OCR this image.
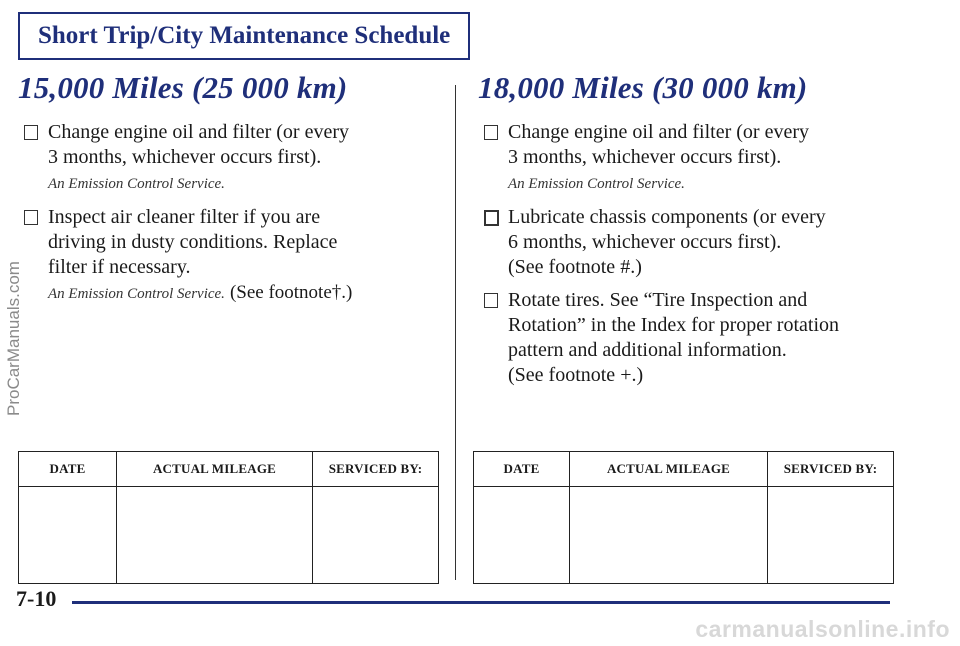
Short Trip/City Maintenance Schedule
15,000 Miles (25 000 km)
Change engine oil and filter (or every
3 months, whichever occurs first).
An Emission Control Service.
Inspect air cleaner filter if you are
driving in dusty conditions. Replace
filter if necessary.
An Emission Control Service. (See footnote†.)
18,000 Miles (30 000 km)
Change engine oil and filter (or every
3 months, whichever occurs first).
An Emission Control Service.
Lubricate chassis components (or every
6 months, whichever occurs first).
(See footnote #.)
Rotate tires. See “Tire Inspection and
Rotation” in the Index for proper rotation
pattern and additional information.
(See footnote +.)
DATE	ACTUAL MILEAGE	SERVICED BY:
			DATE	ACTUAL MILEAGE	SERVICED BY:

7-10
ProCarManuals.com
carmanualsonline.info
